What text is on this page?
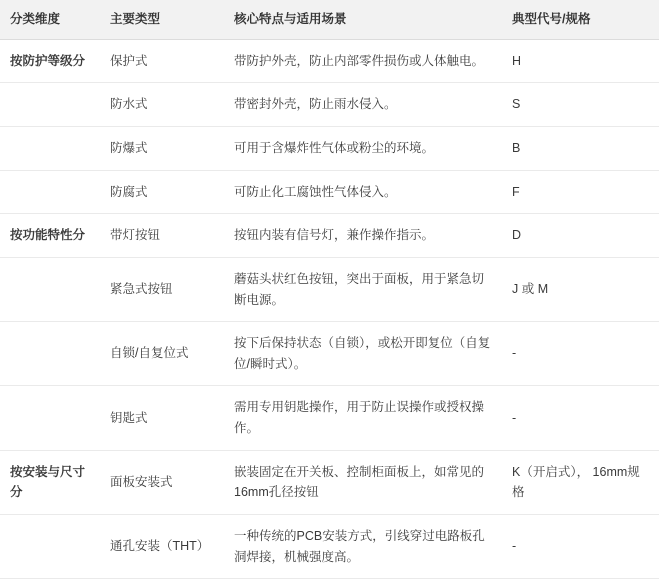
分类维度	主要类型	核心特点与适用场景	典型代号/规格
按防护等级分	保护式	带防护外壳，防止内部零件损伤或人体触电。	H
	防水式	带密封外壳，防止雨水侵入。	S
	防爆式	可用于含爆炸性气体或粉尘的环境。	B
	防腐式	可防止化工腐蚀性气体侵入。	F
按功能特性分	带灯按钮	按钮内装有信号灯，兼作操作指示。	D
	紧急式按钮	蘑菇头状红色按钮，突出于面板，用于紧急切断电源。	J 或 M
	自锁/自复位式	按下后保持状态（自锁），或松开即复位（自复位/瞬时式）。	-
	钥匙式	需用专用钥匙操作，用于防止误操作或授权操作。	-
按安装与尺寸分	面板安装式	嵌装固定在开关板、控制柜面板上，如常见的16mm孔径按钮	K（开启式）， 16mm规格
	通孔安装（THT）	一种传统的PCB安装方式，引线穿过电路板孔洞焊接，机械强度高。	-
